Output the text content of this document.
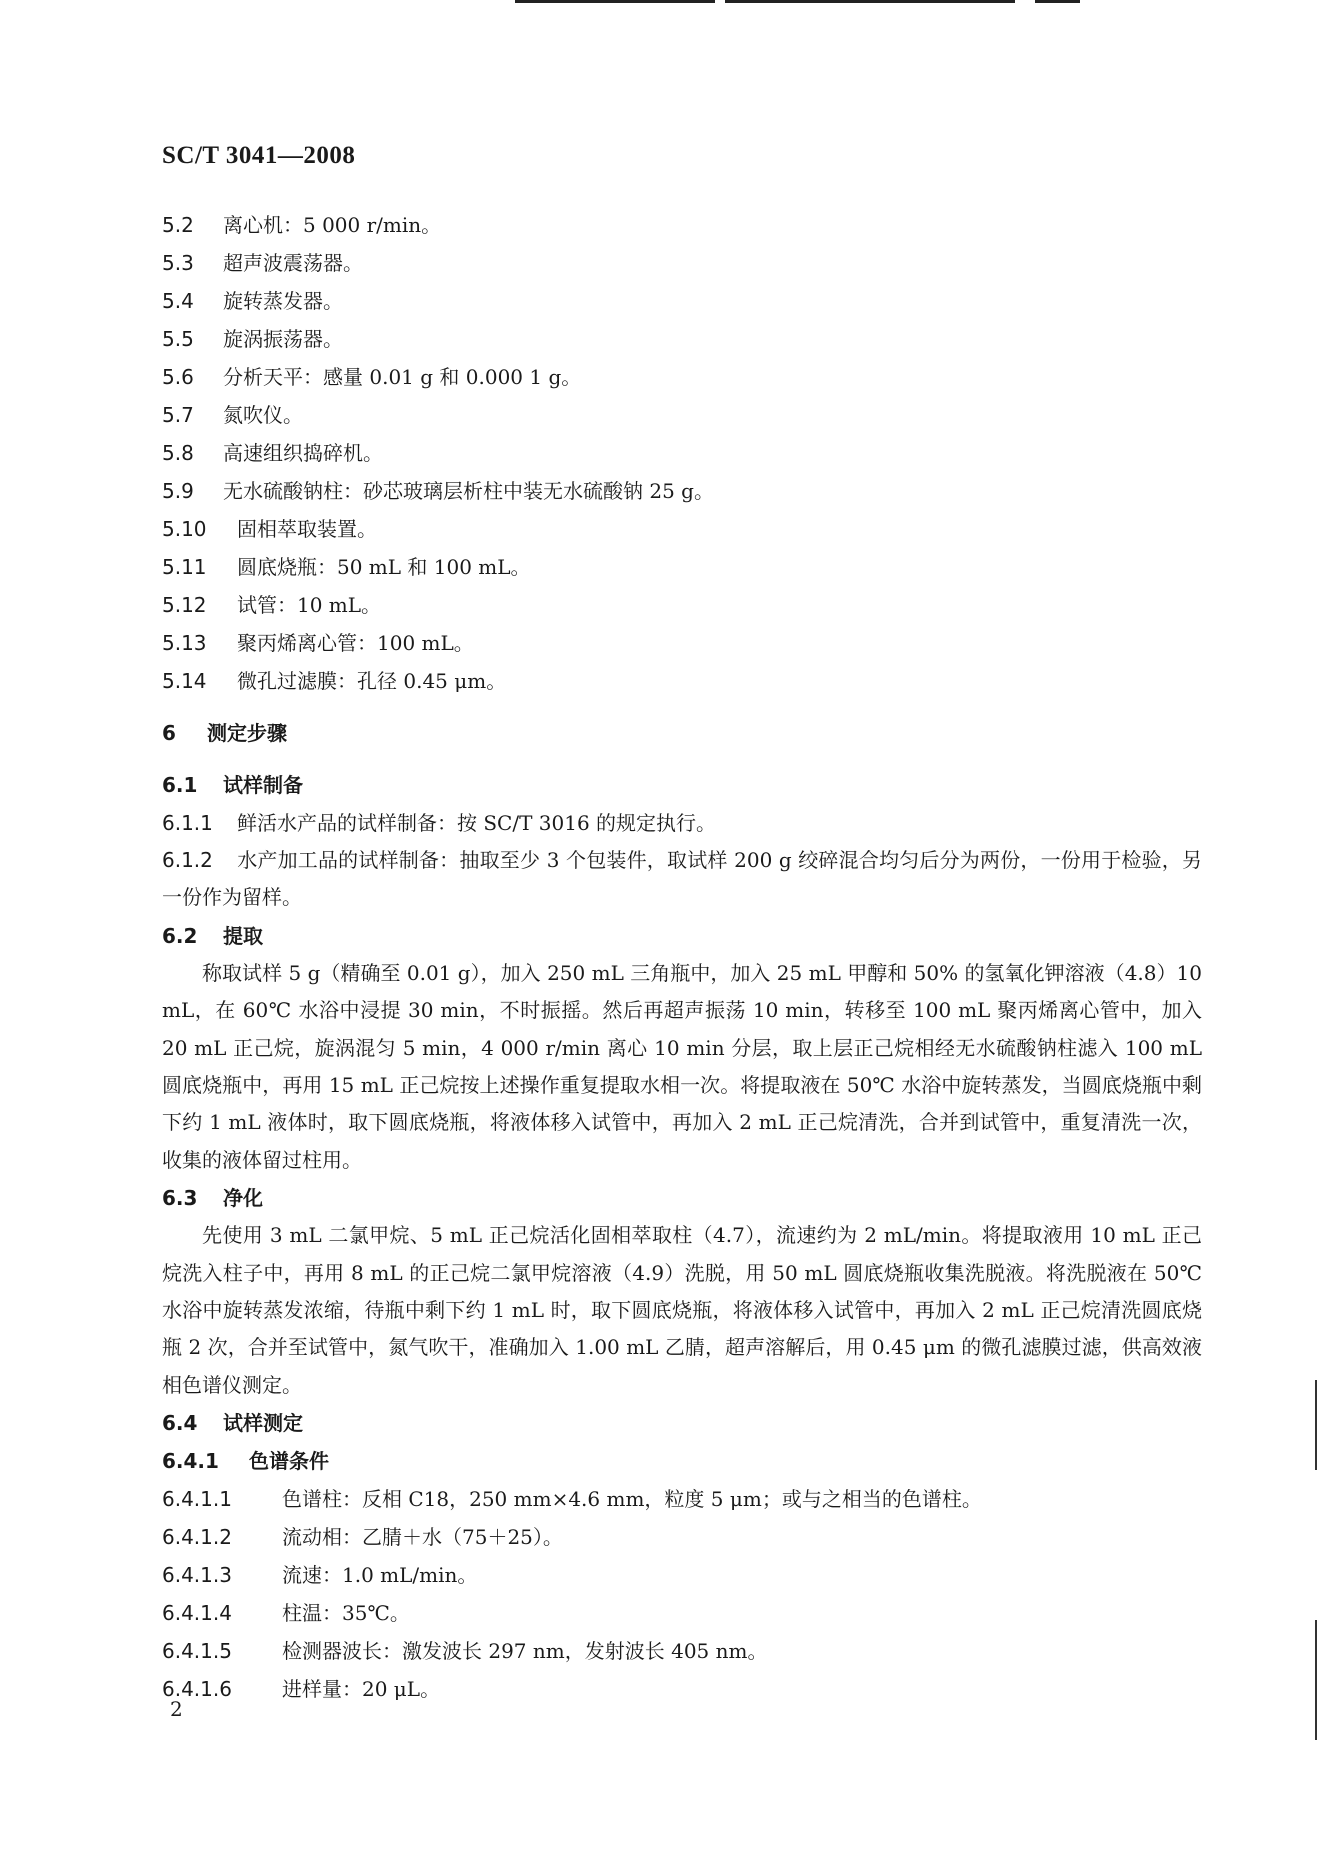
SC/T 3041—2008
5.2 离心机：5 000 r/min。
5.3 超声波震荡器。
5.4 旋转蒸发器。
5.5 旋涡振荡器。
5.6 分析天平：感量 0.01 g 和 0.000 1 g。
5.7 氮吹仪。
5.8 高速组织捣碎机。
5.9 无水硫酸钠柱：砂芯玻璃层析柱中装无水硫酸钠 25 g。
5.10 固相萃取装置。
5.11 圆底烧瓶：50 mL 和 100 mL。
5.12 试管：10 mL。
5.13 聚丙烯离心管：100 mL。
5.14 微孔过滤膜：孔径 0.45 μm。
6 测定步骤
6.1 试样制备
6.1.1 鲜活水产品的试样制备：按 SC/T 3016 的规定执行。
6.1.2 水产加工品的试样制备：抽取至少 3 个包装件，取试样 200 g 绞碎混合均匀后分为两份，一份用于检验，另一份作为留样。
6.2 提取
称取试样 5 g（精确至 0.01 g），加入 250 mL 三角瓶中，加入 25 mL 甲醇和 50% 的氢氧化钾溶液（4.8）10 mL，在 60℃ 水浴中浸提 30 min，不时振摇。然后再超声振荡 10 min，转移至 100 mL 聚丙烯离心管中，加入 20 mL 正己烷，旋涡混匀 5 min，4 000 r/min 离心 10 min 分层，取上层正己烷相经无水硫酸钠柱滤入 100 mL 圆底烧瓶中，再用 15 mL 正己烷按上述操作重复提取水相一次。将提取液在 50℃ 水浴中旋转蒸发，当圆底烧瓶中剩下约 1 mL 液体时，取下圆底烧瓶，将液体移入试管中，再加入 2 mL 正己烷清洗，合并到试管中，重复清洗一次，收集的液体留过柱用。
6.3 净化
先使用 3 mL 二氯甲烷、5 mL 正己烷活化固相萃取柱（4.7），流速约为 2 mL/min。将提取液用 10 mL 正己烷洗入柱子中，再用 8 mL 的正己烷二氯甲烷溶液（4.9）洗脱，用 50 mL 圆底烧瓶收集洗脱液。将洗脱液在 50℃ 水浴中旋转蒸发浓缩，待瓶中剩下约 1 mL 时，取下圆底烧瓶，将液体移入试管中，再加入 2 mL 正己烷清洗圆底烧瓶 2 次，合并至试管中，氮气吹干，准确加入 1.00 mL 乙腈，超声溶解后，用 0.45 μm 的微孔滤膜过滤，供高效液相色谱仪测定。
6.4 试样测定
6.4.1 色谱条件
6.4.1.1	色谱柱：反相 C18，250 mm×4.6 mm，粒度 5 μm；或与之相当的色谱柱。
6.4.1.2	流动相：乙腈＋水（75＋25）。
6.4.1.3	流速：1.0 mL/min。
6.4.1.4	柱温：35℃。
6.4.1.5	检测器波长：激发波长 297 nm，发射波长 405 nm。
6.4.1.6	进样量：20 μL。
2
